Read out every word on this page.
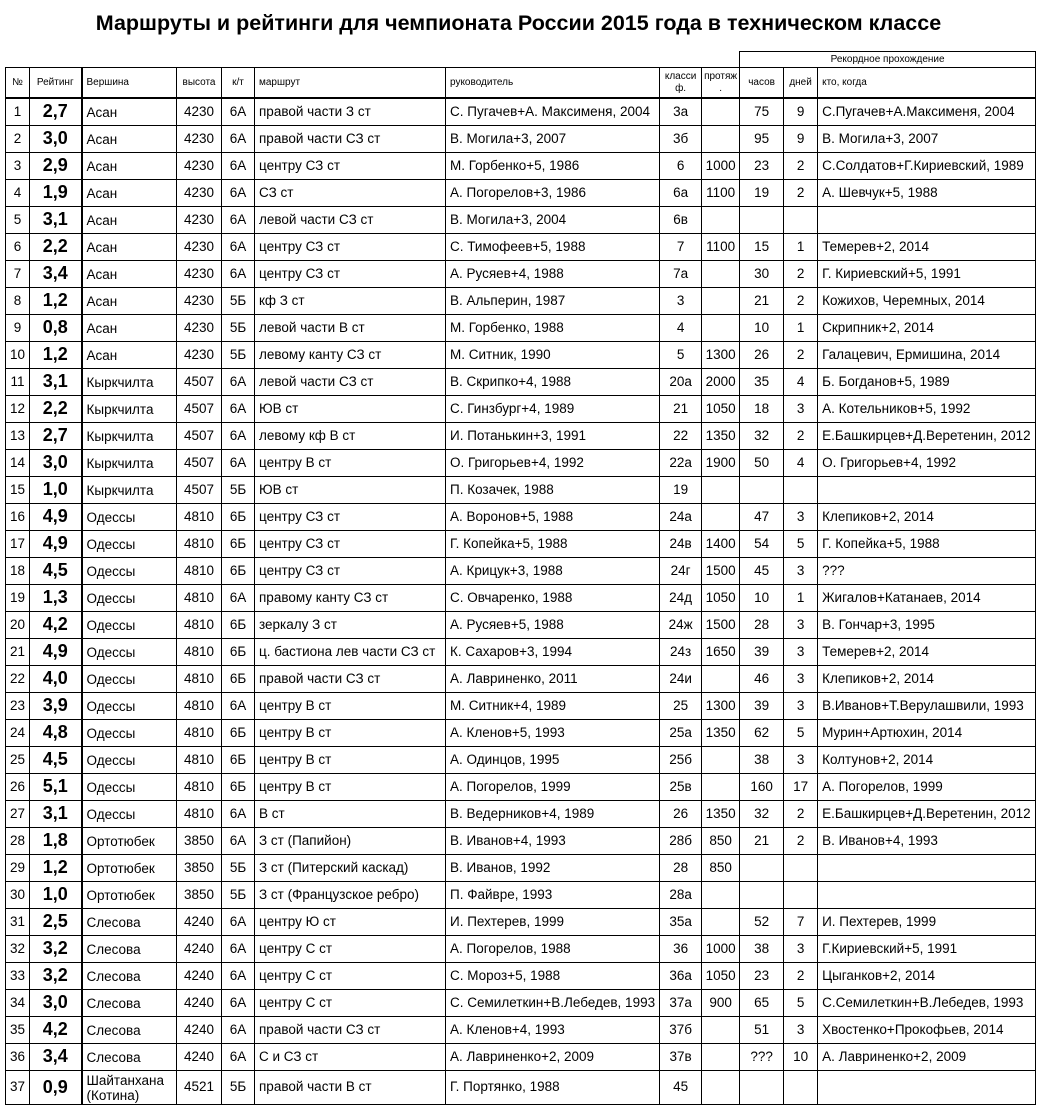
Маршруты и рейтинги для чемпионата России 2015 года в техническом классе
									Рекордное прохождение		
№	Рейтинг	Вершина	высота	к/т	маршрут	руководитель	класси ф.	протяж .	часов	дней	кто, когда
1	2,7	Асан	4230	6А	правой части З ст	С. Пугачев+А. Максименя, 2004	3а		75	9	С.Пугачев+А.Максименя, 2004
2	3,0	Асан	4230	6А	правой части СЗ ст	В. Могила+3, 2007	3б		95	9	В. Могила+3, 2007
3	2,9	Асан	4230	6А	центру СЗ ст	М. Горбенко+5, 1986	6	1000	23	2	С.Солдатов+Г.Кириевский, 1989
4	1,9	Асан	4230	6А	СЗ ст	А. Погорелов+3, 1986	6а	1100	19	2	А. Шевчук+5, 1988
5	3,1	Асан	4230	6А	левой части СЗ ст	В. Могила+3, 2004	6в				
6	2,2	Асан	4230	6А	центру СЗ ст	С. Тимофеев+5, 1988	7	1100	15	1	Темерев+2, 2014
7	3,4	Асан	4230	6А	центру СЗ ст	А. Русяев+4, 1988	7а		30	2	Г. Кириевский+5, 1991
8	1,2	Асан	4230	5Б	кф З ст	В. Альперин, 1987	3		21	2	Кожихов, Черемных, 2014
9	0,8	Асан	4230	5Б	левой части В ст	М. Горбенко, 1988	4		10	1	Скрипник+2, 2014
10	1,2	Асан	4230	5Б	левому канту СЗ ст	М. Ситник, 1990	5	1300	26	2	Галацевич, Ермишина, 2014
11	3,1	Кыркчилта	4507	6А	левой части СЗ ст	В. Скрипко+4, 1988	20а	2000	35	4	Б. Богданов+5, 1989
12	2,2	Кыркчилта	4507	6А	ЮВ ст	С. Гинзбург+4, 1989	21	1050	18	3	А. Котельников+5, 1992
13	2,7	Кыркчилта	4507	6А	левому кф В ст	И. Потанькин+3, 1991	22	1350	32	2	Е.Башкирцев+Д.Веретенин, 2012
14	3,0	Кыркчилта	4507	6А	центру В ст	О. Григорьев+4, 1992	22а	1900	50	4	О. Григорьев+4, 1992
15	1,0	Кыркчилта	4507	5Б	ЮВ ст	П. Козачек, 1988	19				
16	4,9	Одессы	4810	6Б	центру СЗ ст	А. Воронов+5, 1988	24а		47	3	Клепиков+2, 2014
17	4,9	Одессы	4810	6Б	центру СЗ ст	Г. Копейка+5, 1988	24в	1400	54	5	Г. Копейка+5, 1988
18	4,5	Одессы	4810	6Б	центру СЗ ст	А. Крицук+3, 1988	24г	1500	45	3	???
19	1,3	Одессы	4810	6А	правому канту СЗ ст	С. Овчаренко, 1988	24д	1050	10	1	Жигалов+Катанаев, 2014
20	4,2	Одессы	4810	6Б	зеркалу З ст	А. Русяев+5, 1988	24ж	1500	28	3	В. Гончар+3, 1995
21	4,9	Одессы	4810	6Б	ц. бастиона лев части СЗ ст	К. Сахаров+3, 1994	24з	1650	39	3	Темерев+2, 2014
22	4,0	Одессы	4810	6Б	правой части СЗ ст	А. Лавриненко, 2011	24и		46	3	Клепиков+2, 2014
23	3,9	Одессы	4810	6А	центру В ст	М. Ситник+4, 1989	25	1300	39	3	В.Иванов+Т.Верулашвили, 1993
24	4,8	Одессы	4810	6Б	центру В ст	А. Кленов+5, 1993	25а	1350	62	5	Мурин+Артюхин, 2014
25	4,5	Одессы	4810	6Б	центру В ст	А. Одинцов, 1995	25б		38	3	Колтунов+2, 2014
26	5,1	Одессы	4810	6Б	центру В ст	А. Погорелов, 1999	25в		160	17	А. Погорелов, 1999
27	3,1	Одессы	4810	6А	В ст	В. Ведерников+4, 1989	26	1350	32	2	Е.Башкирцев+Д.Веретенин, 2012
28	1,8	Ортотюбек	3850	6А	З ст (Папийон)	В. Иванов+4, 1993	28б	850	21	2	В. Иванов+4, 1993
29	1,2	Ортотюбек	3850	5Б	З ст (Питерский каскад)	В. Иванов, 1992	28	850			
30	1,0	Ортотюбек	3850	5Б	З ст (Французское ребро)	П. Файвре, 1993	28а				
31	2,5	Слесова	4240	6А	центру Ю ст	И. Пехтерев, 1999	35а		52	7	И. Пехтерев, 1999
32	3,2	Слесова	4240	6А	центру С ст	А. Погорелов, 1988	36	1000	38	3	Г.Кириевский+5, 1991
33	3,2	Слесова	4240	6А	центру С ст	С. Мороз+5, 1988	36а	1050	23	2	Цыганков+2, 2014
34	3,0	Слесова	4240	6А	центру С ст	С. Семилеткин+В.Лебедев, 1993	37а	900	65	5	С.Семилеткин+В.Лебедев, 1993
35	4,2	Слесова	4240	6А	правой части СЗ ст	А. Кленов+4, 1993	37б		51	3	Хвостенко+Прокофьев, 2014
36	3,4	Слесова	4240	6А	С и СЗ ст	А. Лавриненко+2, 2009	37в		???	10	А. Лавриненко+2, 2009
37	0,9	Шайтанхана (Котина)	4521	5Б	правой части В ст	Г. Портянко, 1988	45				
